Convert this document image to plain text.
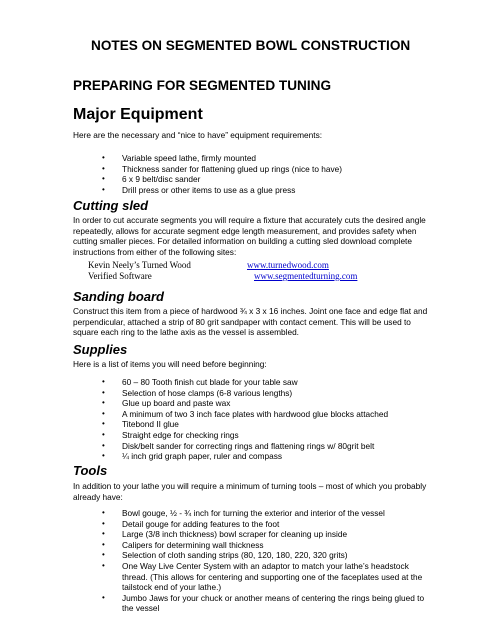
NOTES ON SEGMENTED BOWL CONSTRUCTION
PREPARING FOR SEGMENTED TUNING
Major Equipment
Here are the necessary and “nice to have” equipment requirements:
• Variable speed lathe, firmly mounted
• Thickness sander for flattening glued up rings (nice to have)
• 6 x 9 belt/disc sander
• Drill press or other items to use as a glue press
Cutting sled
In order to cut accurate segments you will require a fixture that accurately cuts the desired angle
repeatedly, allows for accurate segment edge length measurement, and provides safety when
cutting smaller pieces. For detailed information on building a cutting sled download complete
instructions from either of the following sites:
Kevin Neely’s Turned Wood	www.turnedwood.com
Verified Software	www.segmentedturning.com
Sanding board
Construct this item from a piece of hardwood ¾ x 3 x 16 inches. Joint one face and edge flat and
perpendicular, attached a strip of 80 grit sandpaper with contact cement. This will be used to
square each ring to the lathe axis as the vessel is assembled.
Supplies
Here is a list of items you will need before beginning:
• 60 – 80 Tooth finish cut blade for your table saw
• Selection of hose clamps (6-8 various lengths)
• Glue up board and paste wax
• A minimum of two 3 inch face plates with hardwood glue blocks attached
• Titebond II glue
• Straight edge for checking rings
• Disk/belt sander for correcting rings and flattening rings w/ 80grit belt
• ¼ inch grid graph paper, ruler and compass
Tools
In addition to your lathe you will require a minimum of turning tools – most of which you probably
already have:
• Bowl gouge, ½ - ¾ inch for turning the exterior and interior of the vessel
• Detail gouge for adding features to the foot
• Large (3/8 inch thickness) bowl scraper for cleaning up inside
• Calipers for determining wall thickness
• Selection of cloth sanding strips (80, 120, 180, 220, 320 grits)
• One Way Live Center System with an adaptor to match your lathe’s headstock
thread. (This allows for centering and supporting one of the faceplates used at the
tailstock end of your lathe.)
• Jumbo Jaws for your chuck or another means of centering the rings being glued to
the vessel
